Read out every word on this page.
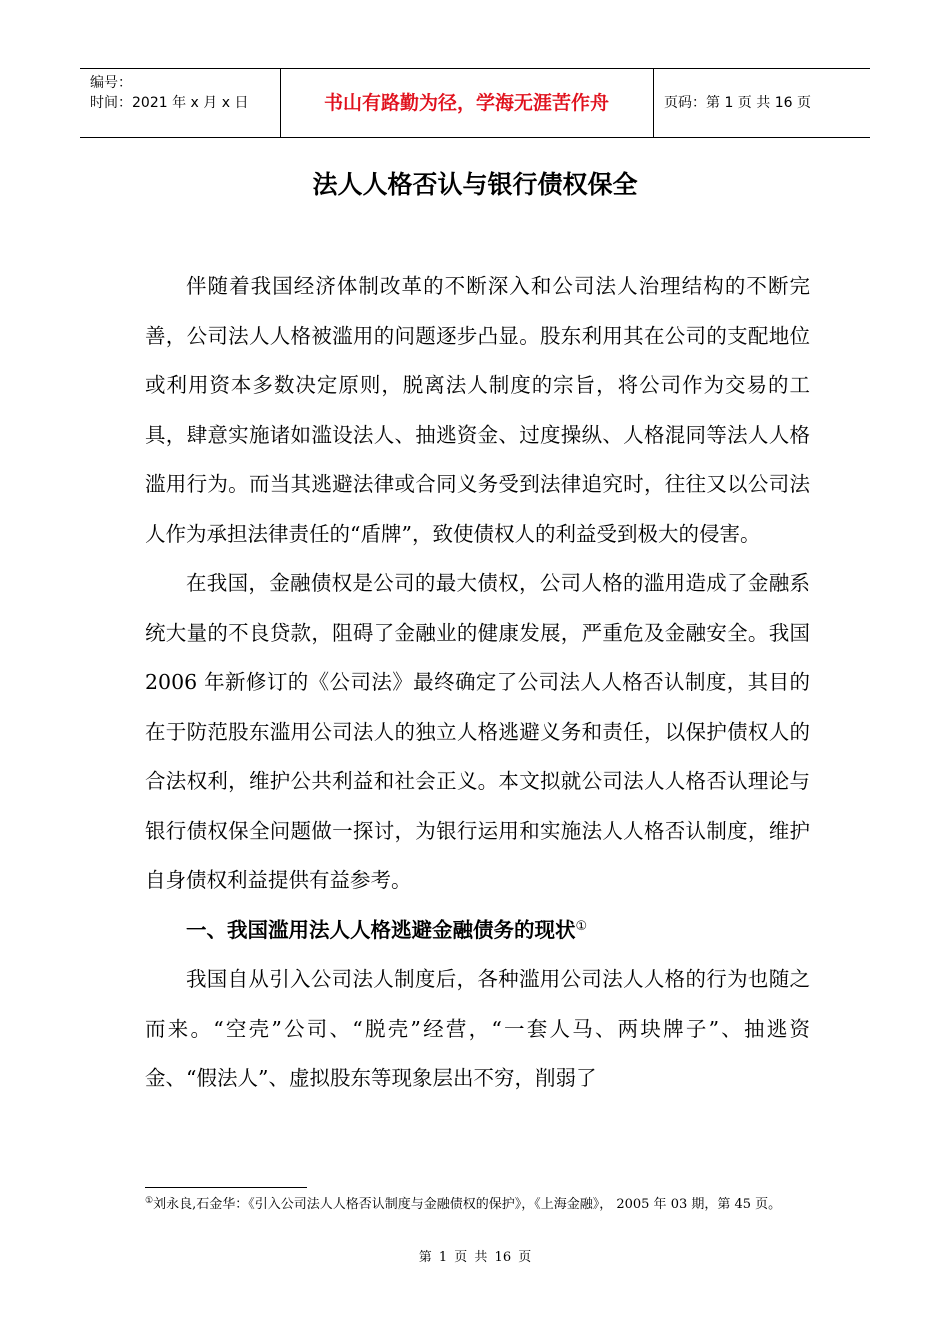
编号：
时间：2021 年 x 月 x 日	书山有路勤为径，学海无涯苦作舟	页码：第 1 页 共 16 页
法人人格否认与银行债权保全

伴随着我国经济体制改革的不断深入和公司法人治理结构的不断完善，公司法人人格被滥用的问题逐步凸显。股东利用其在公司的支配地位或利用资本多数决定原则，脱离法人制度的宗旨，将公司作为交易的工具，肆意实施诸如滥设法人、抽逃资金、过度操纵、人格混同等法人人格滥用行为。而当其逃避法律或合同义务受到法律追究时，往往又以公司法人作为承担法律责任的“盾牌”，致使债权人的利益受到极大的侵害。

在我国，金融债权是公司的最大债权，公司人格的滥用造成了金融系统大量的不良贷款，阻碍了金融业的健康发展，严重危及金融安全。我国 2006 年新修订的《公司法》最终确定了公司法人人格否认制度，其目的在于防范股东滥用公司法人的独立人格逃避义务和责任，以保护债权人的合法权利，维护公共利益和社会正义。本文拟就公司法人人格否认理论与银行债权保全问题做一探讨，为银行运用和实施法人人格否认制度，维护自身债权利益提供有益参考。

一、我国滥用法人人格逃避金融债务的现状①

我国自从引入公司法人制度后，各种滥用公司法人人格的行为也随之而来。“空壳”公司、“脱壳”经营，“一套人马、两块牌子”、抽逃资金、“假法人”、虚拟股东等现象层出不穷，削弱了

①刘永良,石金华：《引入公司法人人格否认制度与金融债权的保护》，《上海金融》， 2005 年 03 期，第 45 页。
第 1 页 共 16 页
